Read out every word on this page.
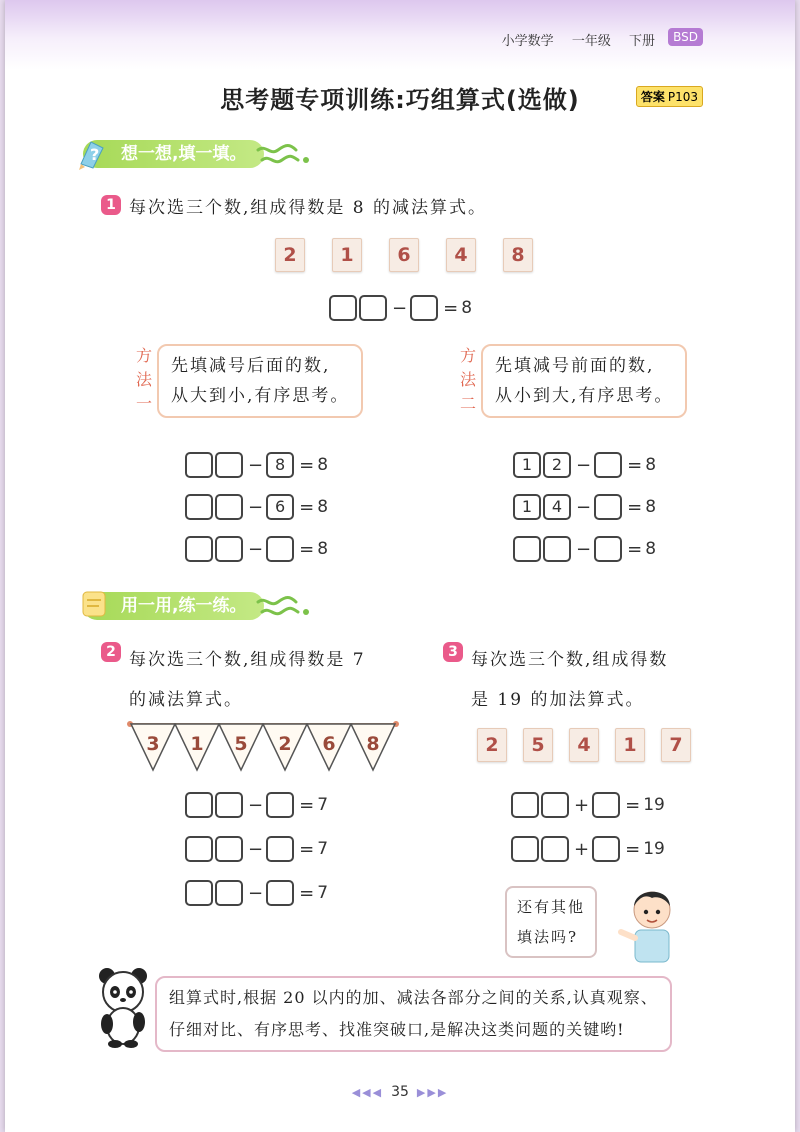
小学数学 一年级 下册	BSD
思考题专项训练:巧组算式(选做)	答案 P103
? 想一想,填一填。
1 每次选三个数,组成得数是 8 的减法算式。
2	1	6	4	8
− = 8
方
法
一
先填减号后面的数,
从大到小,有序思考。
− 8 = 8
− 6 = 8
− = 8
方
法
二
先填减号前面的数,
从小到大,有序思考。
1	2 − = 8
1	4 − = 8
− = 8
用一用,练一练。
2 每次选三个数,组成得数是 7
的减法算式。
3 1 5 2 6 8
− = 7
− = 7
− = 7
3 每次选三个数,组成得数
是 19 的加法算式。
2	5	4	1	7
+ = 19
+ = 19
还有其他
填法吗?
组算式时,根据 20 以内的加、减法各部分之间的关系,认真观察、
仔细对比、有序思考、找准突破口,是解决这类问题的关键哟!
◀◀◀ 35 ▶▶▶
